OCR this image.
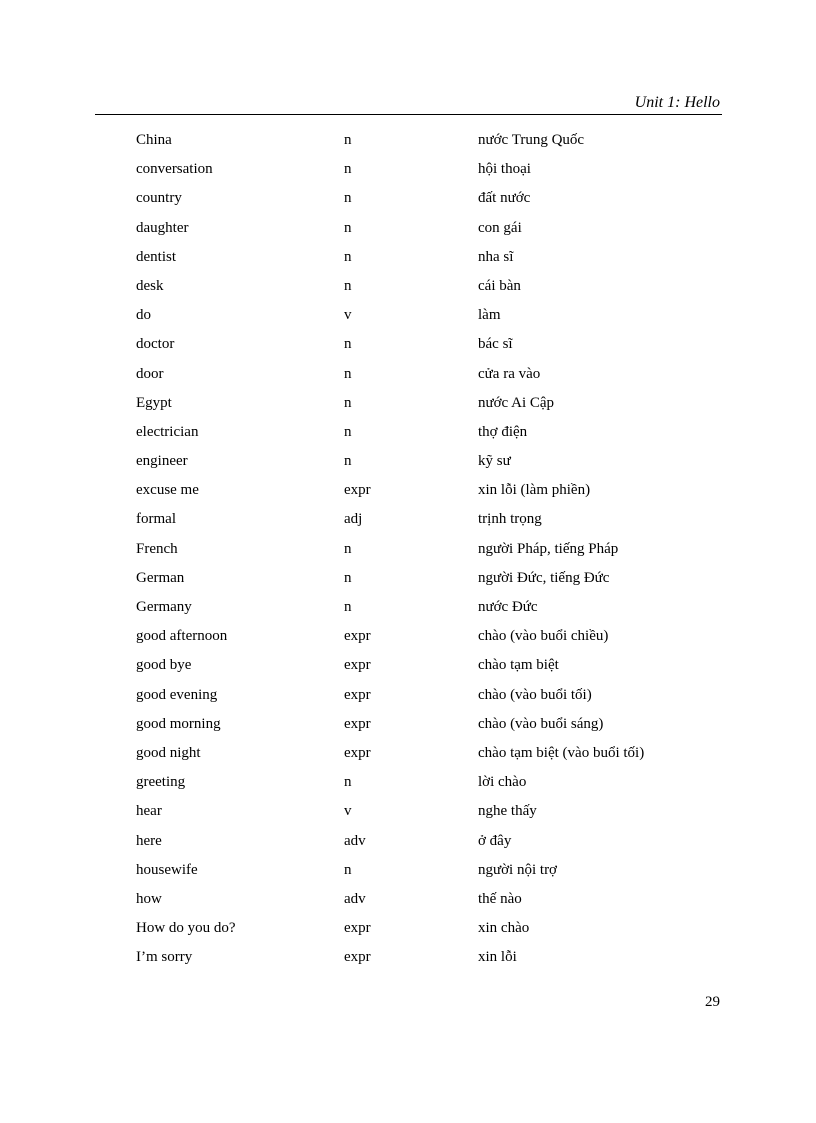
Unit 1: Hello
China	n	nước Trung Quốc
conversation	n	hội thoại
country	n	đất nước
daughter	n	con gái
dentist	n	nha sĩ
desk	n	cái bàn
do	v	làm
doctor	n	bác sĩ
door	n	cửa ra vào
Egypt	n	nước Ai Cập
electrician	n	thợ điện
engineer	n	kỹ sư
excuse me	expr	xin lỗi (làm phiền)
formal	adj	trịnh trọng
French	n	người Pháp, tiếng Pháp
German	n	người Đức, tiếng Đức
Germany	n	nước Đức
good afternoon	expr	chào (vào buổi chiều)
good bye	expr	chào tạm biệt
good evening	expr	chào (vào buổi tối)
good morning	expr	chào (vào buổi sáng)
good night	expr	chào tạm biệt (vào buổi tối)
greeting	n	lời chào
hear	v	nghe thấy
here	adv	ở đây
housewife	n	người nội trợ
how	adv	thế nào
How do you do?	expr	xin chào
I’m sorry	expr	xin lỗi
29
